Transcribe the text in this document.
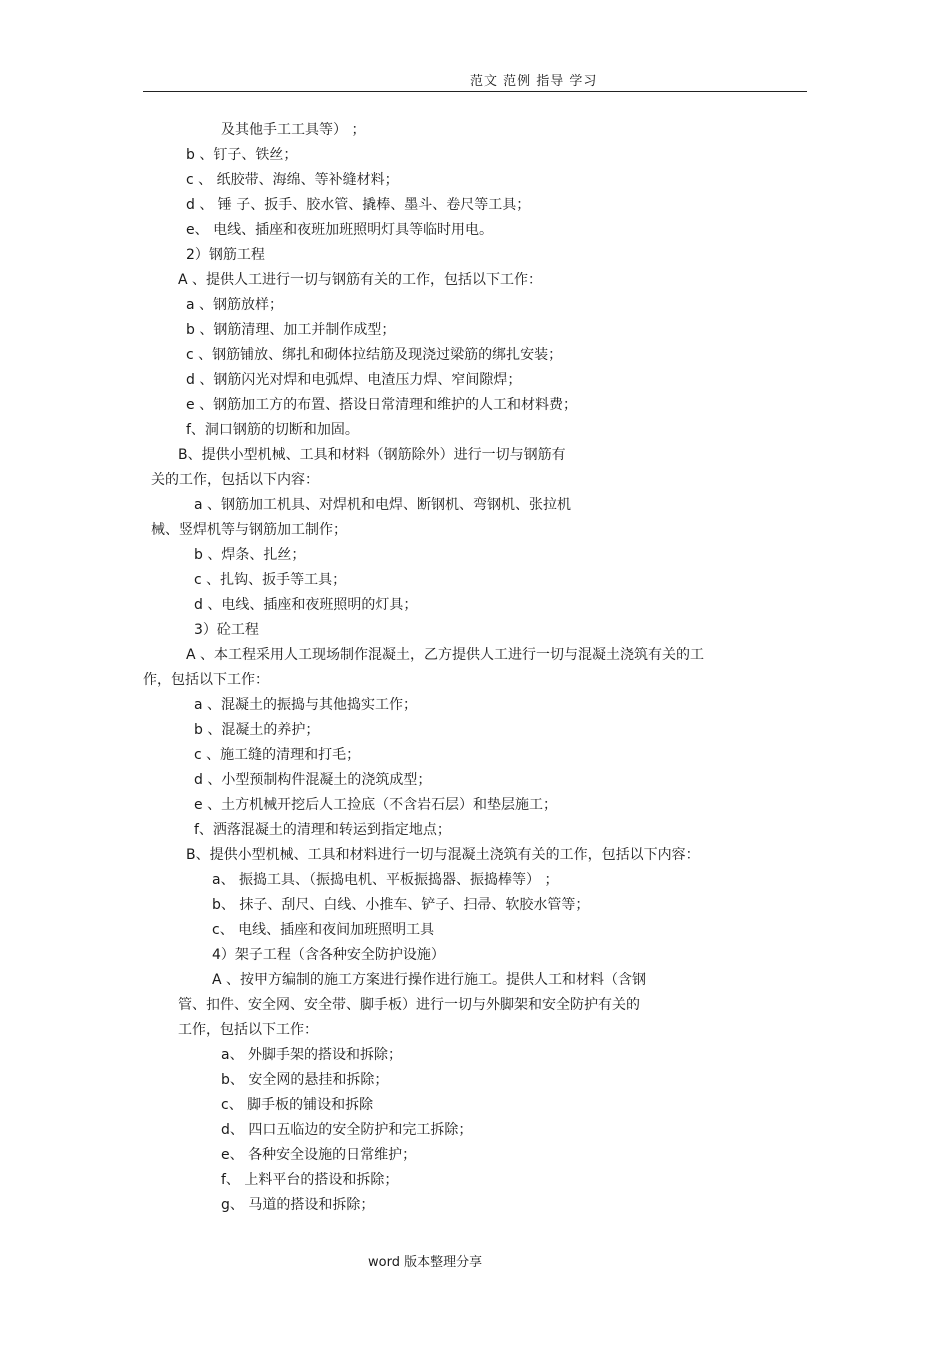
范文 范例 指导 学习
及其他手工工具等） ；
b 、钉子、铁丝；
c 、 纸胶带、海绵、等补缝材料；
d 、 锤 子、扳手、胶水管、撬棒、墨斗、卷尺等工具；
e、 电线、插座和夜班加班照明灯具等临时用电。
2）钢筋工程
A 、提供人工进行一切与钢筋有关的工作，包括以下工作：
a 、钢筋放样；
b 、钢筋清理、加工并制作成型；
c 、钢筋铺放、绑扎和砌体拉结筋及现浇过梁筋的绑扎安装；
d 、钢筋闪光对焊和电弧焊、电渣压力焊、窄间隙焊；
e 、钢筋加工方的布置、搭设日常清理和维护的人工和材料费；
f、洞口钢筋的切断和加固。
B、提供小型机械、工具和材料（钢筋除外）进行一切与钢筋有
关的工作，包括以下内容：
a 、钢筋加工机具、对焊机和电焊、断钢机、弯钢机、张拉机
械、竖焊机等与钢筋加工制作；
b 、焊条、扎丝；
c 、扎钩、扳手等工具；
d 、电线、插座和夜班照明的灯具；
3）砼工程
A 、本工程采用人工现场制作混凝土，乙方提供人工进行一切与混凝土浇筑有关的工
作，包括以下工作：
a 、混凝土的振捣与其他捣实工作；
b 、混凝土的养护；
c 、施工缝的清理和打毛；
d 、小型预制构件混凝土的浇筑成型；
e 、土方机械开挖后人工捡底（不含岩石层）和垫层施工；
f、洒落混凝土的清理和转运到指定地点；
B、提供小型机械、工具和材料进行一切与混凝土浇筑有关的工作，包括以下内容：
a、 振捣工具、（振捣电机、平板振捣器、振捣棒等） ；
b、 抹子、刮尺、白线、小推车、铲子、扫帚、软胶水管等；
c、 电线、插座和夜间加班照明工具
4）架子工程（含各种安全防护设施）
A 、按甲方编制的施工方案进行操作进行施工。提供人工和材料（含钢
管、扣件、安全网、安全带、脚手板）进行一切与外脚架和安全防护有关的
工作，包括以下工作：
a、 外脚手架的搭设和拆除；
b、 安全网的悬挂和拆除；
c、 脚手板的铺设和拆除
d、 四口五临边的安全防护和完工拆除；
e、 各种安全设施的日常维护；
f、 上料平台的搭设和拆除；
g、 马道的搭设和拆除；
word 版本整理分享
